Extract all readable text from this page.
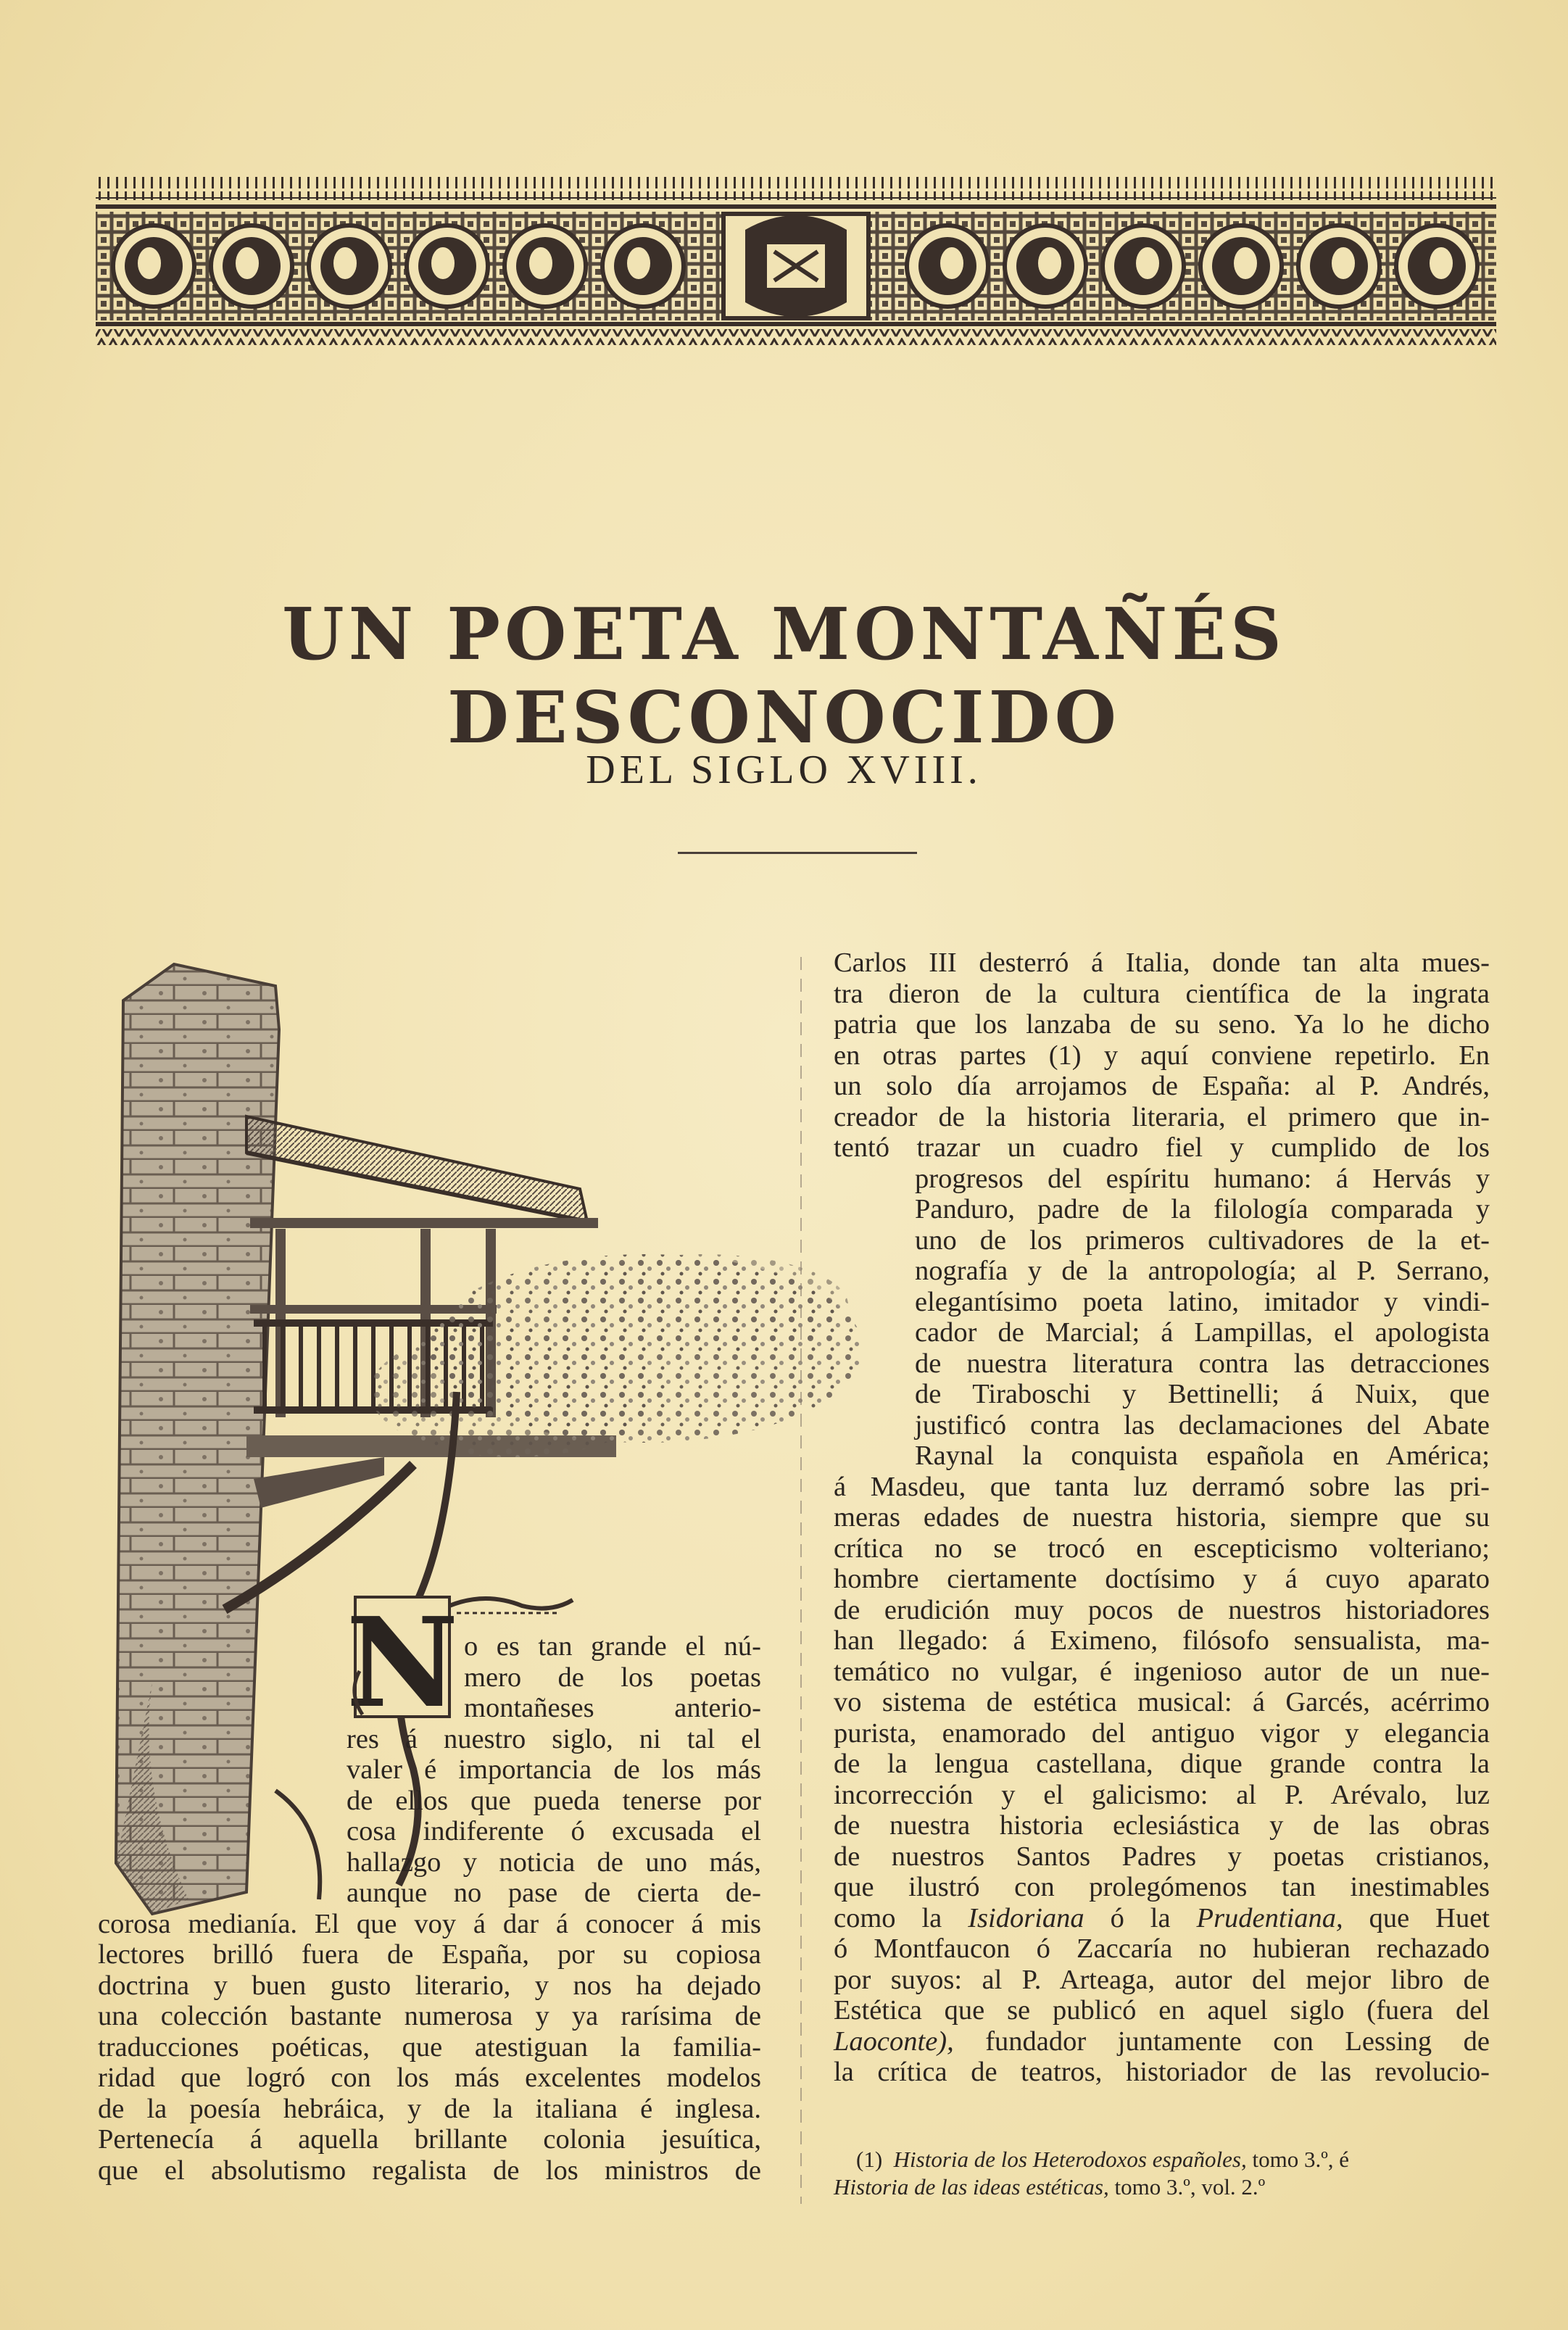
UN POETA MONTAÑÉS DESCONOCIDO
DEL SIGLO XVIII.
N o es tan grande el nú-
mero de los poetas
montañeses anterio-
res á nuestro siglo, ni tal el
valer é importancia de los más
de ellos que pueda tenerse por
cosa indiferente ó excusada el
hallazgo y noticia de uno más,
aunque no pase de cierta de-
corosa medianía. El que voy á dar á conocer á mis
lectores brilló fuera de España, por su copiosa
doctrina y buen gusto literario, y nos ha dejado
una colección bastante numerosa y ya rarísima de
traducciones poéticas, que atestiguan la familia-
ridad que logró con los más excelentes modelos
de la poesía hebráica, y de la italiana é inglesa.
Pertenecía á aquella brillante colonia jesuítica,
que el absolutismo regalista de los ministros de
Carlos III desterró á Italia, donde tan alta mues-
tra dieron de la cultura científica de la ingrata
patria que los lanzaba de su seno. Ya lo he dicho
en otras partes (1) y aquí conviene repetirlo. En
un solo día arrojamos de España: al P. Andrés,
creador de la historia literaria, el primero que in-
tentó trazar un cuadro fiel y cumplido de los
progresos del espíritu humano: á Hervás y
Panduro, padre de la filología comparada y
uno de los primeros cultivadores de la et-
nografía y de la antropología; al P. Serrano,
elegantísimo poeta latino, imitador y vindi-
cador de Marcial; á Lampillas, el apologista
de nuestra literatura contra las detracciones
de Tiraboschi y Bettinelli; á Nuix, que
justificó contra las declamaciones del Abate
Raynal la conquista española en América;
á Masdeu, que tanta luz derramó sobre las pri-
meras edades de nuestra historia, siempre que su
crítica no se trocó en escepticismo volteriano;
hombre ciertamente doctísimo y á cuyo aparato
de erudición muy pocos de nuestros historiadores
han llegado: á Eximeno, filósofo sensualista, ma-
temático no vulgar, é ingenioso autor de un nue-
vo sistema de estética musical: á Garcés, acérrimo
purista, enamorado del antiguo vigor y elegancia
de la lengua castellana, dique grande contra la
incorrección y el galicismo: al P. Arévalo, luz
de nuestra historia eclesiástica y de las obras
de nuestros Santos Padres y poetas cristianos,
que ilustró con prolegómenos tan inestimables
como la Isidoriana ó la Prudentiana, que Huet
ó Montfaucon ó Zaccaría no hubieran rechazado
por suyos: al P. Arteaga, autor del mejor libro de
Estética que se publicó en aquel siglo (fuera del
Laoconte), fundador juntamente con Lessing de
la crítica de teatros, historiador de las revolucio-
 (1)  Historia de los Heterodoxos españoles, tomo 3.º, é
Historia de las ideas estéticas, tomo 3.º, vol. 2.º
